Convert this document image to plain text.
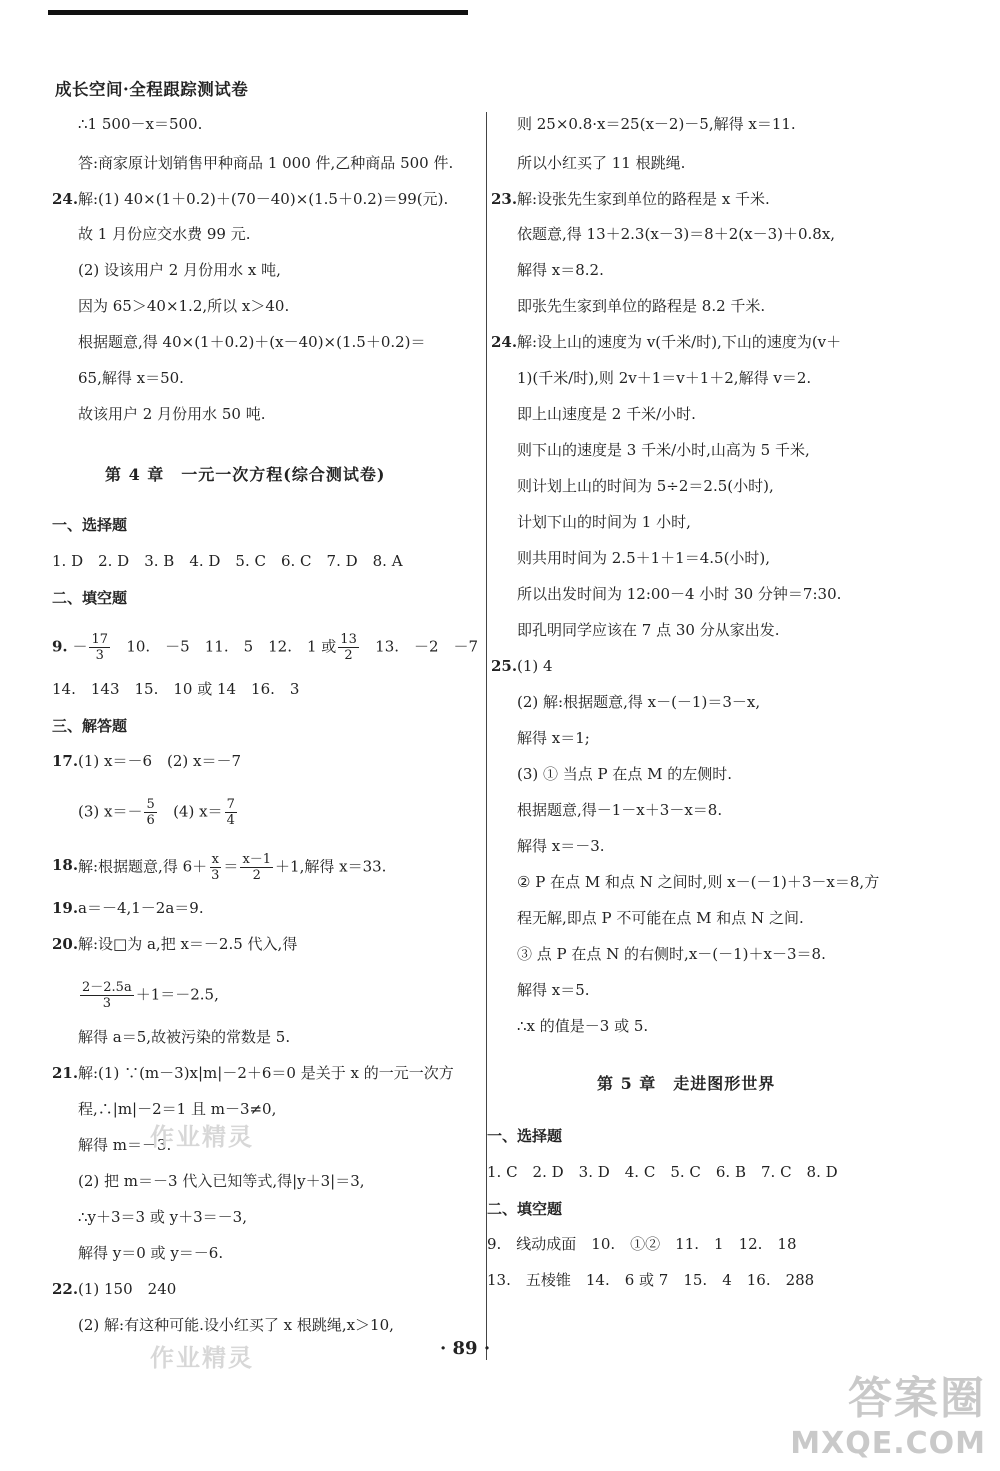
成长空间·全程跟踪测试卷
∴1 500－x＝500.
答:商家原计划销售甲种商品 1 000 件,乙种商品 500 件.
24. 解:(1) 40×(1＋0.2)＋(70－40)×(1.5＋0.2)＝99(元).
故 1 月份应交水费 99 元.
(2) 设该用户 2 月份用水 x 吨,
因为 65＞40×1.2,所以 x＞40.
根据题意,得 40×(1＋0.2)＋(x－40)×(1.5＋0.2)＝
65,解得 x＝50.
故该用户 2 月份用水 50 吨.
第 4 章　一元一次方程(综合测试卷)
一、选择题
1. D　2. D　3. B　4. D　5. C　6. C　7. D　8. A
二、填空题
9. － $\frac{17}{3} 10$.　－5　11.　5　12.　1 或 $\frac{13}{2} 13$.　－2　－7
14.　143　15.　10 或 14　16.　3
三、解答题
17. (1) x＝－6　(2) x＝－7
(3) $x=- \frac{5}{6} (4)$ $x= \frac{7}{4}$
18. 解:根据题意,得 $6+ \frac{x}{3} = \frac{x-1}{2} +1$,解得 x＝33.
19. a＝－4,1－2a＝9.
20. 解:设□为 a,把 x＝－2.5 代入,得
$\frac{2-2.5a}{3} +1=-2.5$,
解得 a＝5,故被污染的常数是 5.
21. 解:(1) ∵(m－3)x|m|－2＋6＝0 是关于 x 的一元一次方
程,∴|m|－2＝1 且 m－3≠0,
解得 m＝－3.
(2) 把 m＝－3 代入已知等式,得|y＋3|＝3,
∴y＋3＝3 或 y＋3＝－3,
解得 y＝0 或 y＝－6.
22. (1) 150　240
(2) 解:有这种可能.设小红买了 x 根跳绳,x＞10,
则 25×0.8·x＝25(x－2)－5,解得 x＝11.
所以小红买了 11 根跳绳.
23. 解:设张先生家到单位的路程是 x 千米.
依题意,得 13＋2.3(x－3)＝8＋2(x－3)＋0.8x,
解得 x＝8.2.
即张先生家到单位的路程是 8.2 千米.
24. 解:设上山的速度为 v(千米/时),下山的速度为(v＋
1)(千米/时),则 2v＋1＝v＋1＋2,解得 v＝2.
即上山速度是 2 千米/小时.
则下山的速度是 3 千米/小时,山高为 5 千米,
则计划上山的时间为 5÷2＝2.5(小时),
计划下山的时间为 1 小时,
则共用时间为 2.5＋1＋1＝4.5(小时),
所以出发时间为 12:00－4 小时 30 分钟＝7:30.
即孔明同学应该在 7 点 30 分从家出发.
25. (1) 4
(2) 解:根据题意,得 x－(－1)＝3－x,
解得 x＝1;
(3) ① 当点 P 在点 M 的左侧时.
根据题意,得－1－x＋3－x＝8.
解得 x＝－3.
② P 在点 M 和点 N 之间时,则 x－(－1)＋3－x＝8,方
程无解,即点 P 不可能在点 M 和点 N 之间.
③ 点 P 在点 N 的右侧时,x－(－1)＋x－3＝8.
解得 x＝5.
∴x 的值是－3 或 5.
第 5 章　走进图形世界
一、选择题
1. C　2. D　3. D　4. C　5. C　6. B　7. C　8. D
二、填空题
9.　线动成面　10.　①②　11.　1　12.　18
13.　五棱锥　14.　6 或 7　15.　4　16.　288
· 89 ·
作业精灵
作业精灵
答案圈
MXQE.COM
